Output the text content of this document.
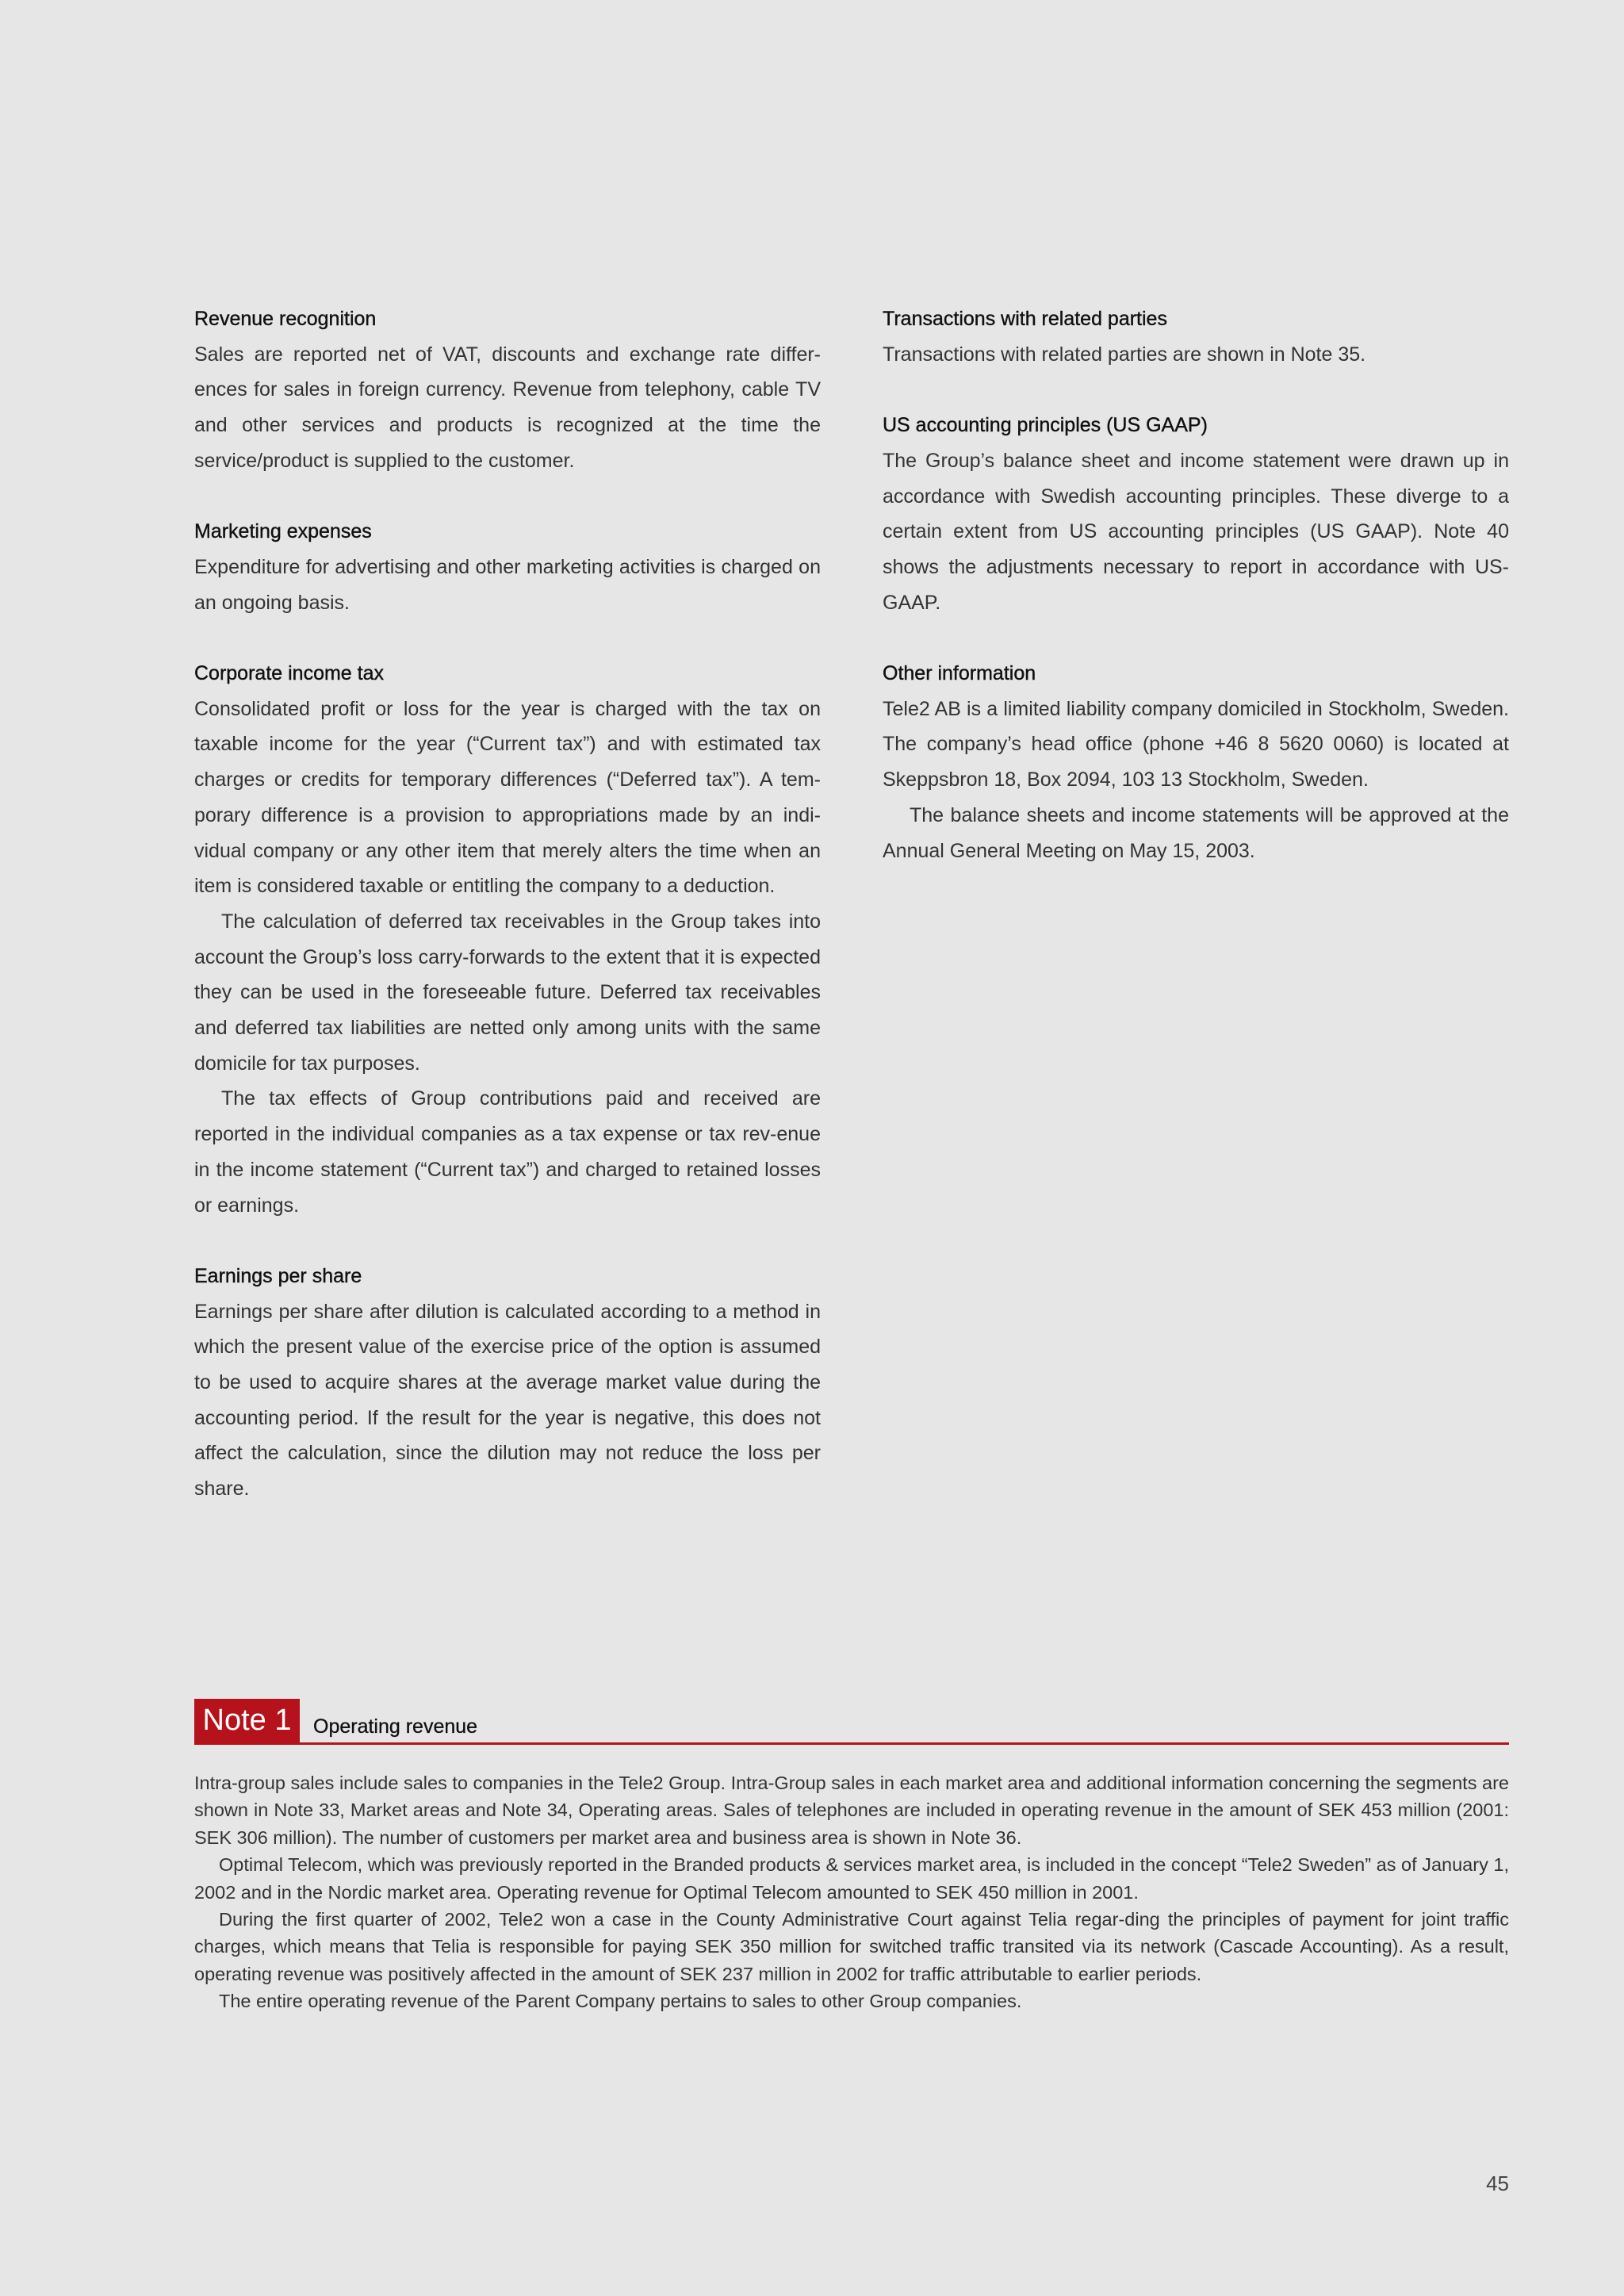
Revenue recognition

Sales are reported net of VAT, discounts and exchange rate differ-ences for sales in foreign currency. Revenue from telephony, cable TV and other services and products is recognized at the time the service/product is supplied to the customer.

Marketing expenses

Expenditure for advertising and other marketing activities is charged on an ongoing basis.

Corporate income tax

Consolidated profit or loss for the year is charged with the tax on taxable income for the year (“Current tax”) and with estimated tax charges or credits for temporary differences (“Deferred tax”). A tem-porary difference is a provision to appropriations made by an indi-vidual company or any other item that merely alters the time when an item is considered taxable or entitling the company to a deduction.

The calculation of deferred tax receivables in the Group takes into account the Group’s loss carry-forwards to the extent that it is expected they can be used in the foreseeable future. Deferred tax receivables and deferred tax liabilities are netted only among units with the same domicile for tax purposes.

The tax effects of Group contributions paid and received are reported in the individual companies as a tax expense or tax rev-enue in the income statement (“Current tax”) and charged to retained losses or earnings.

Earnings per share

Earnings per share after dilution is calculated according to a method in which the present value of the exercise price of the option is assumed to be used to acquire shares at the average market value during the accounting period. If the result for the year is negative, this does not affect the calculation, since the dilution may not reduce the loss per share.

Transactions with related parties

Transactions with related parties are shown in Note 35.

US accounting principles (US GAAP)

The Group’s balance sheet and income statement were drawn up in accordance with Swedish accounting principles. These diverge to a certain extent from US accounting principles (US GAAP). Note 40 shows the adjustments necessary to report in accordance with US-GAAP.

Other information

Tele2 AB is a limited liability company domiciled in Stockholm, Sweden. The company’s head office (phone +46 8 5620 0060) is located at Skeppsbron 18, Box 2094, 103 13 Stockholm, Sweden.

The balance sheets and income statements will be approved at the Annual General Meeting on May 15, 2003.

Note 1	Operating revenue

Intra-group sales include sales to companies in the Tele2 Group. Intra-Group sales in each market area and additional information concerning the segments are shown in Note 33, Market areas and Note 34, Operating areas. Sales of telephones are included in operating revenue in the amount of SEK 453 million (2001: SEK 306 million). The number of customers per market area and business area is shown in Note 36.

Optimal Telecom, which was previously reported in the Branded products & services market area, is included in the concept “Tele2 Sweden” as of January 1, 2002 and in the Nordic market area. Operating revenue for Optimal Telecom amounted to SEK 450 million in 2001.

During the first quarter of 2002, Tele2 won a case in the County Administrative Court against Telia regar-ding the principles of payment for joint traffic charges, which means that Telia is responsible for paying SEK 350 million for switched traffic transited via its network (Cascade Accounting). As a result, operating revenue was positively affected in the amount of SEK 237 million in 2002 for traffic attributable to earlier periods.

The entire operating revenue of the Parent Company pertains to sales to other Group companies.

45
